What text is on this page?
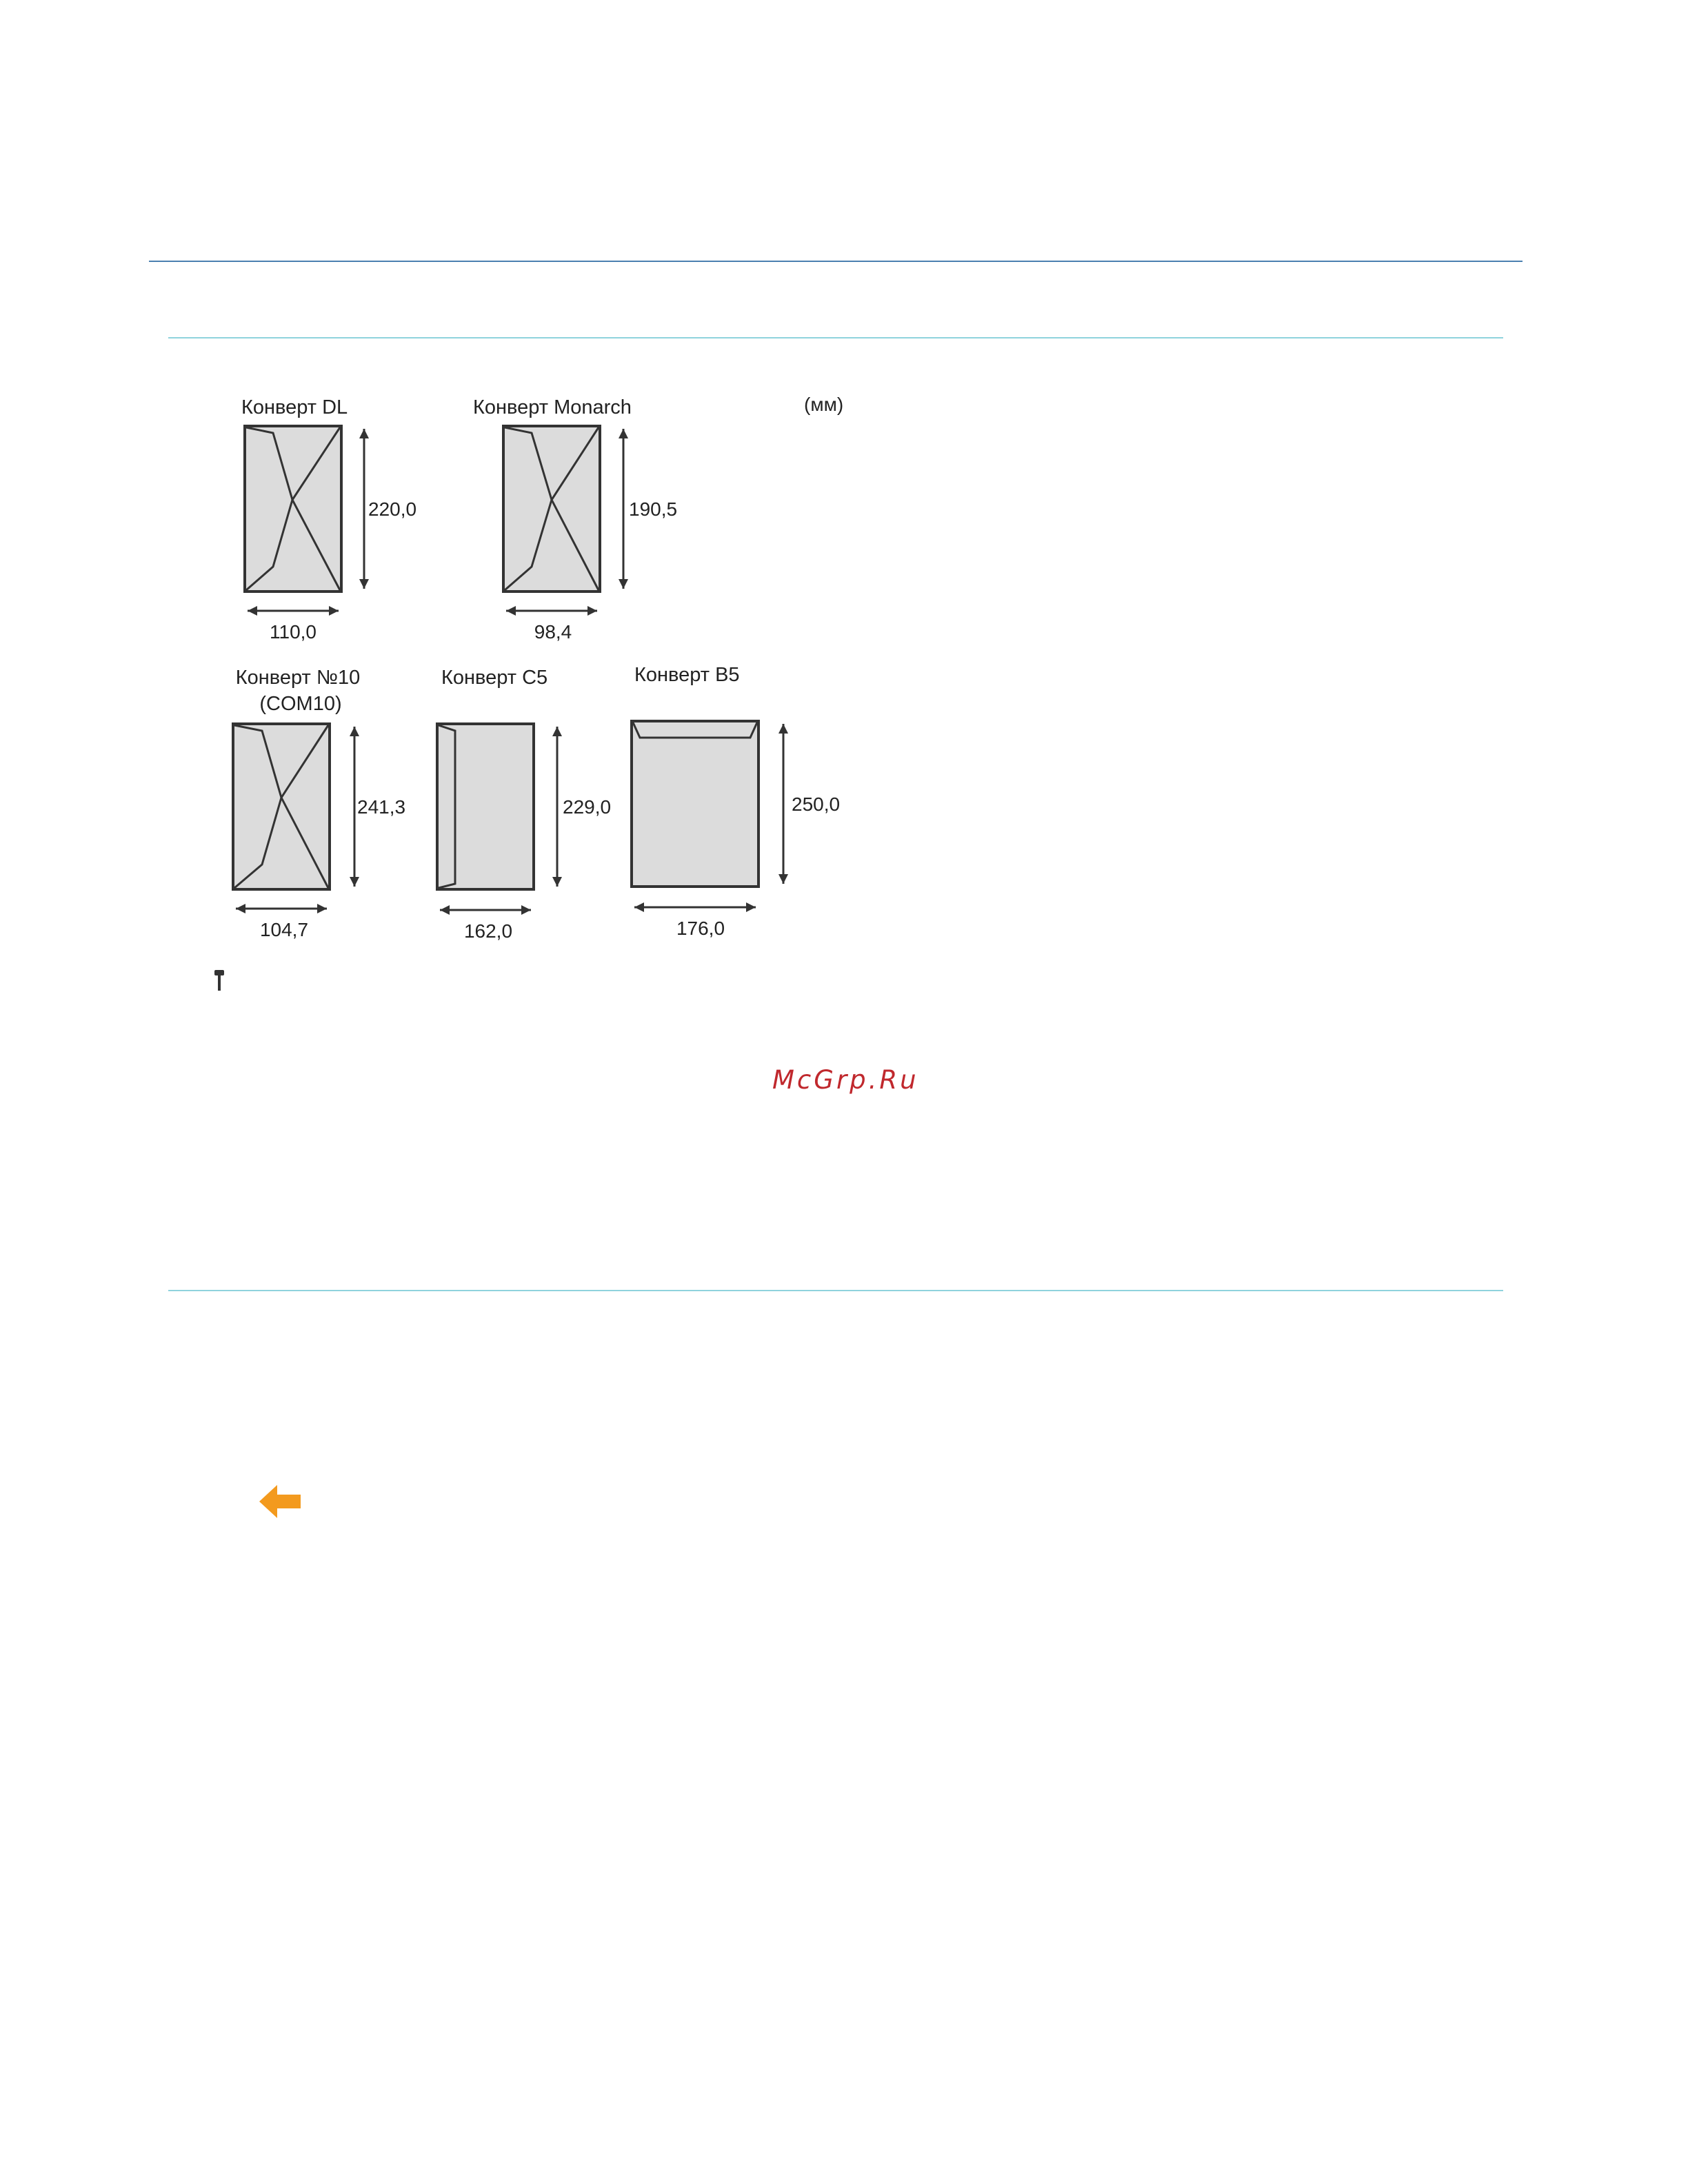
(мм)
Конверт DL
220,0
110,0
Конверт Monarch
190,5
98,4
Конверт №10
(COM10)
241,3
104,7
Конверт C5
229,0
162,0
Конверт B5
250,0
176,0
McGrp.Ru
